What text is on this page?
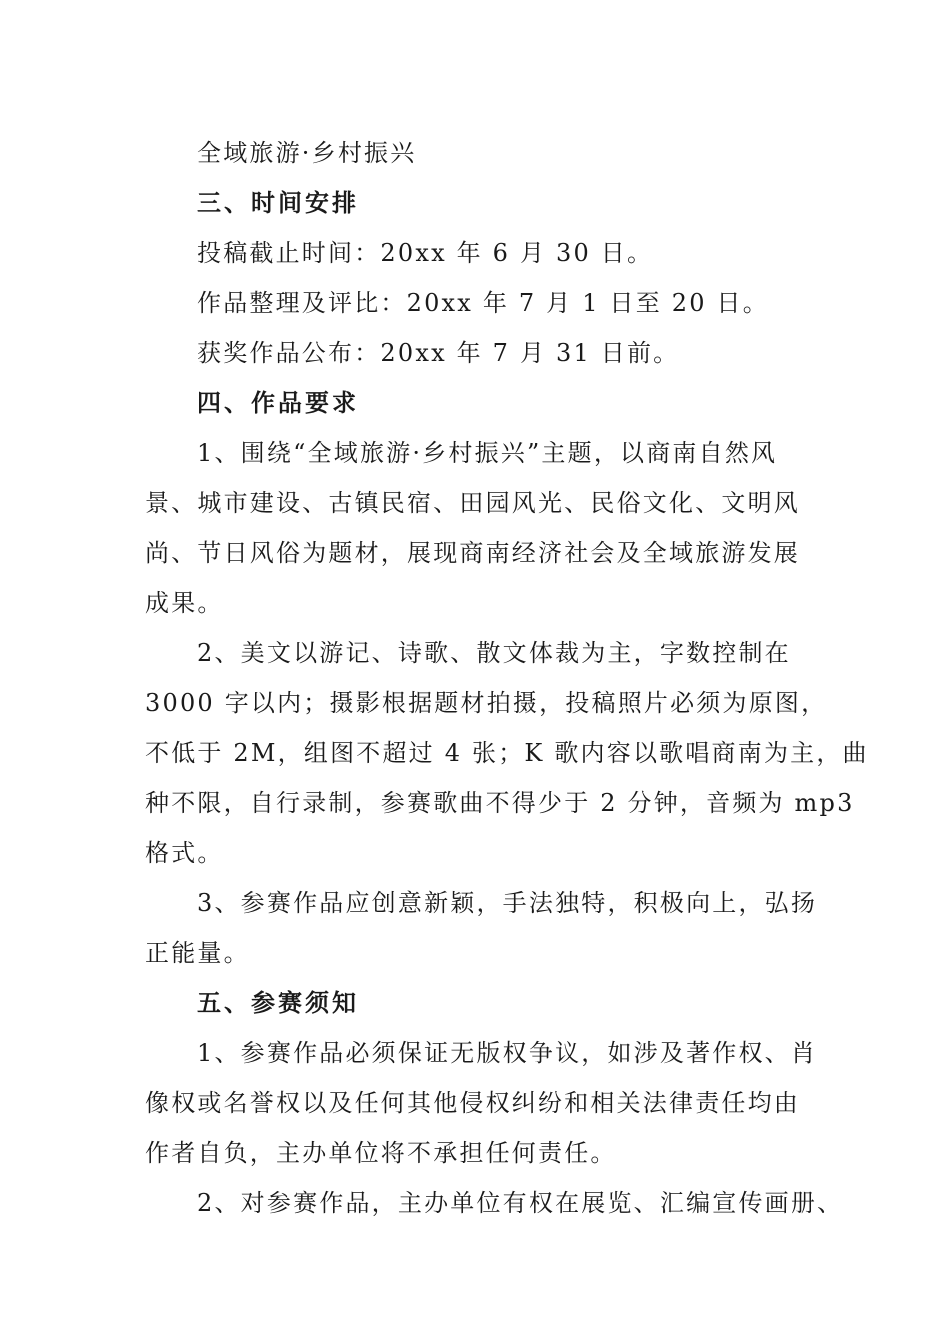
全域旅游·乡村振兴
三、时间安排
投稿截止时间：20xx 年 6 月 30 日。
作品整理及评比：20xx 年 7 月 1 日至 20 日。
获奖作品公布：20xx 年 7 月 31 日前。
四、作品要求
1、围绕“全域旅游·乡村振兴”主题，以商南自然风
景、城市建设、古镇民宿、田园风光、民俗文化、文明风
尚、节日风俗为题材，展现商南经济社会及全域旅游发展
成果。
2、美文以游记、诗歌、散文体裁为主，字数控制在
3000 字以内；摄影根据题材拍摄，投稿照片必须为原图，
不低于 2M，组图不超过 4 张；K 歌内容以歌唱商南为主，曲
种不限，自行录制，参赛歌曲不得少于 2 分钟，音频为 mp3
格式。
3、参赛作品应创意新颖，手法独特，积极向上，弘扬
正能量。
五、参赛须知
1、参赛作品必须保证无版权争议，如涉及著作权、肖
像权或名誉权以及任何其他侵权纠纷和相关法律责任均由
作者自负，主办单位将不承担任何责任。
2、对参赛作品，主办单位有权在展览、汇编宣传画册、
